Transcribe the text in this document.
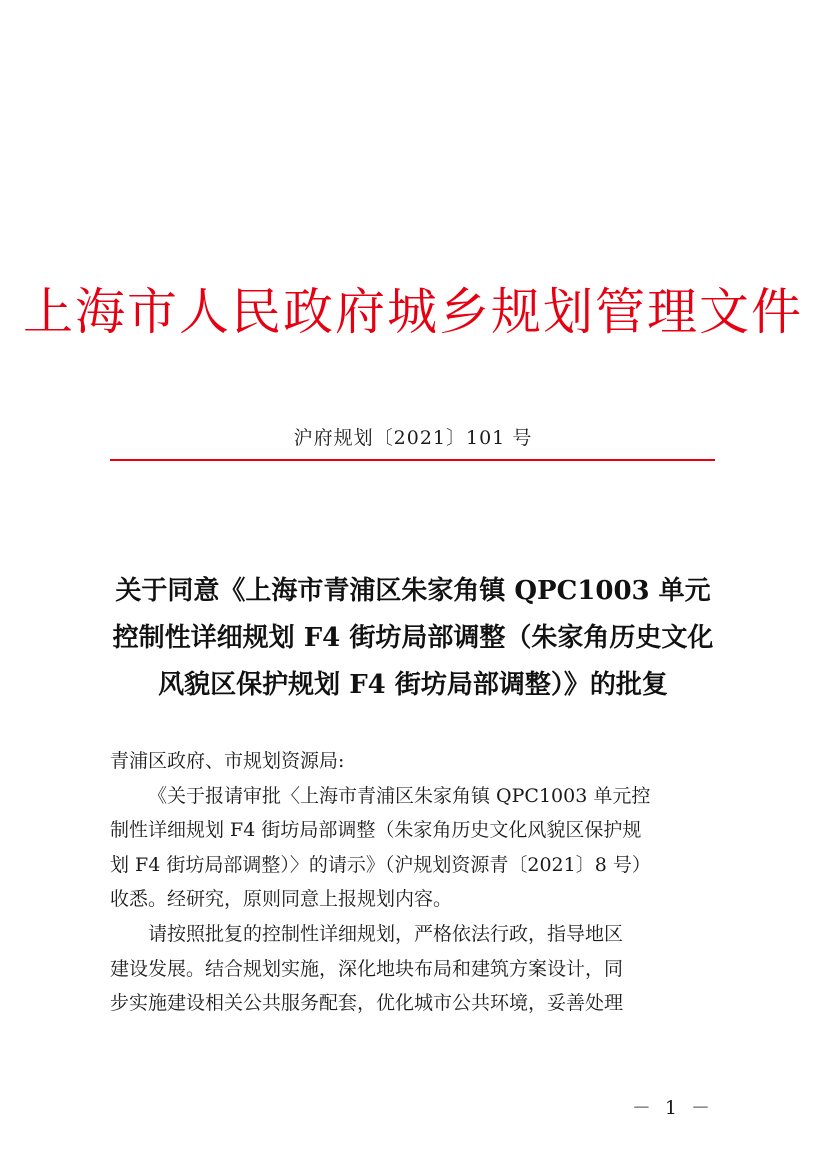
上海市人民政府城乡规划管理文件
沪府规划〔2021〕101 号
关于同意《上海市青浦区朱家角镇 QPC1003 单元
控制性详细规划 F4 街坊局部调整（朱家角历史文化
风貌区保护规划 F4 街坊局部调整）》的批复
青浦区政府、市规划资源局:
《关于报请审批〈上海市青浦区朱家角镇 QPC1003 单元控
制性详细规划 F4 街坊局部调整（朱家角历史文化风貌区保护规
划 F4 街坊局部调整）〉的请示》（沪规划资源青〔2021〕8 号）
收悉。经研究，原则同意上报规划内容。
请按照批复的控制性详细规划，严格依法行政，指导地区
建设发展。结合规划实施，深化地块布局和建筑方案设计，同
步实施建设相关公共服务配套，优化城市公共环境，妥善处理
－ 1 －
